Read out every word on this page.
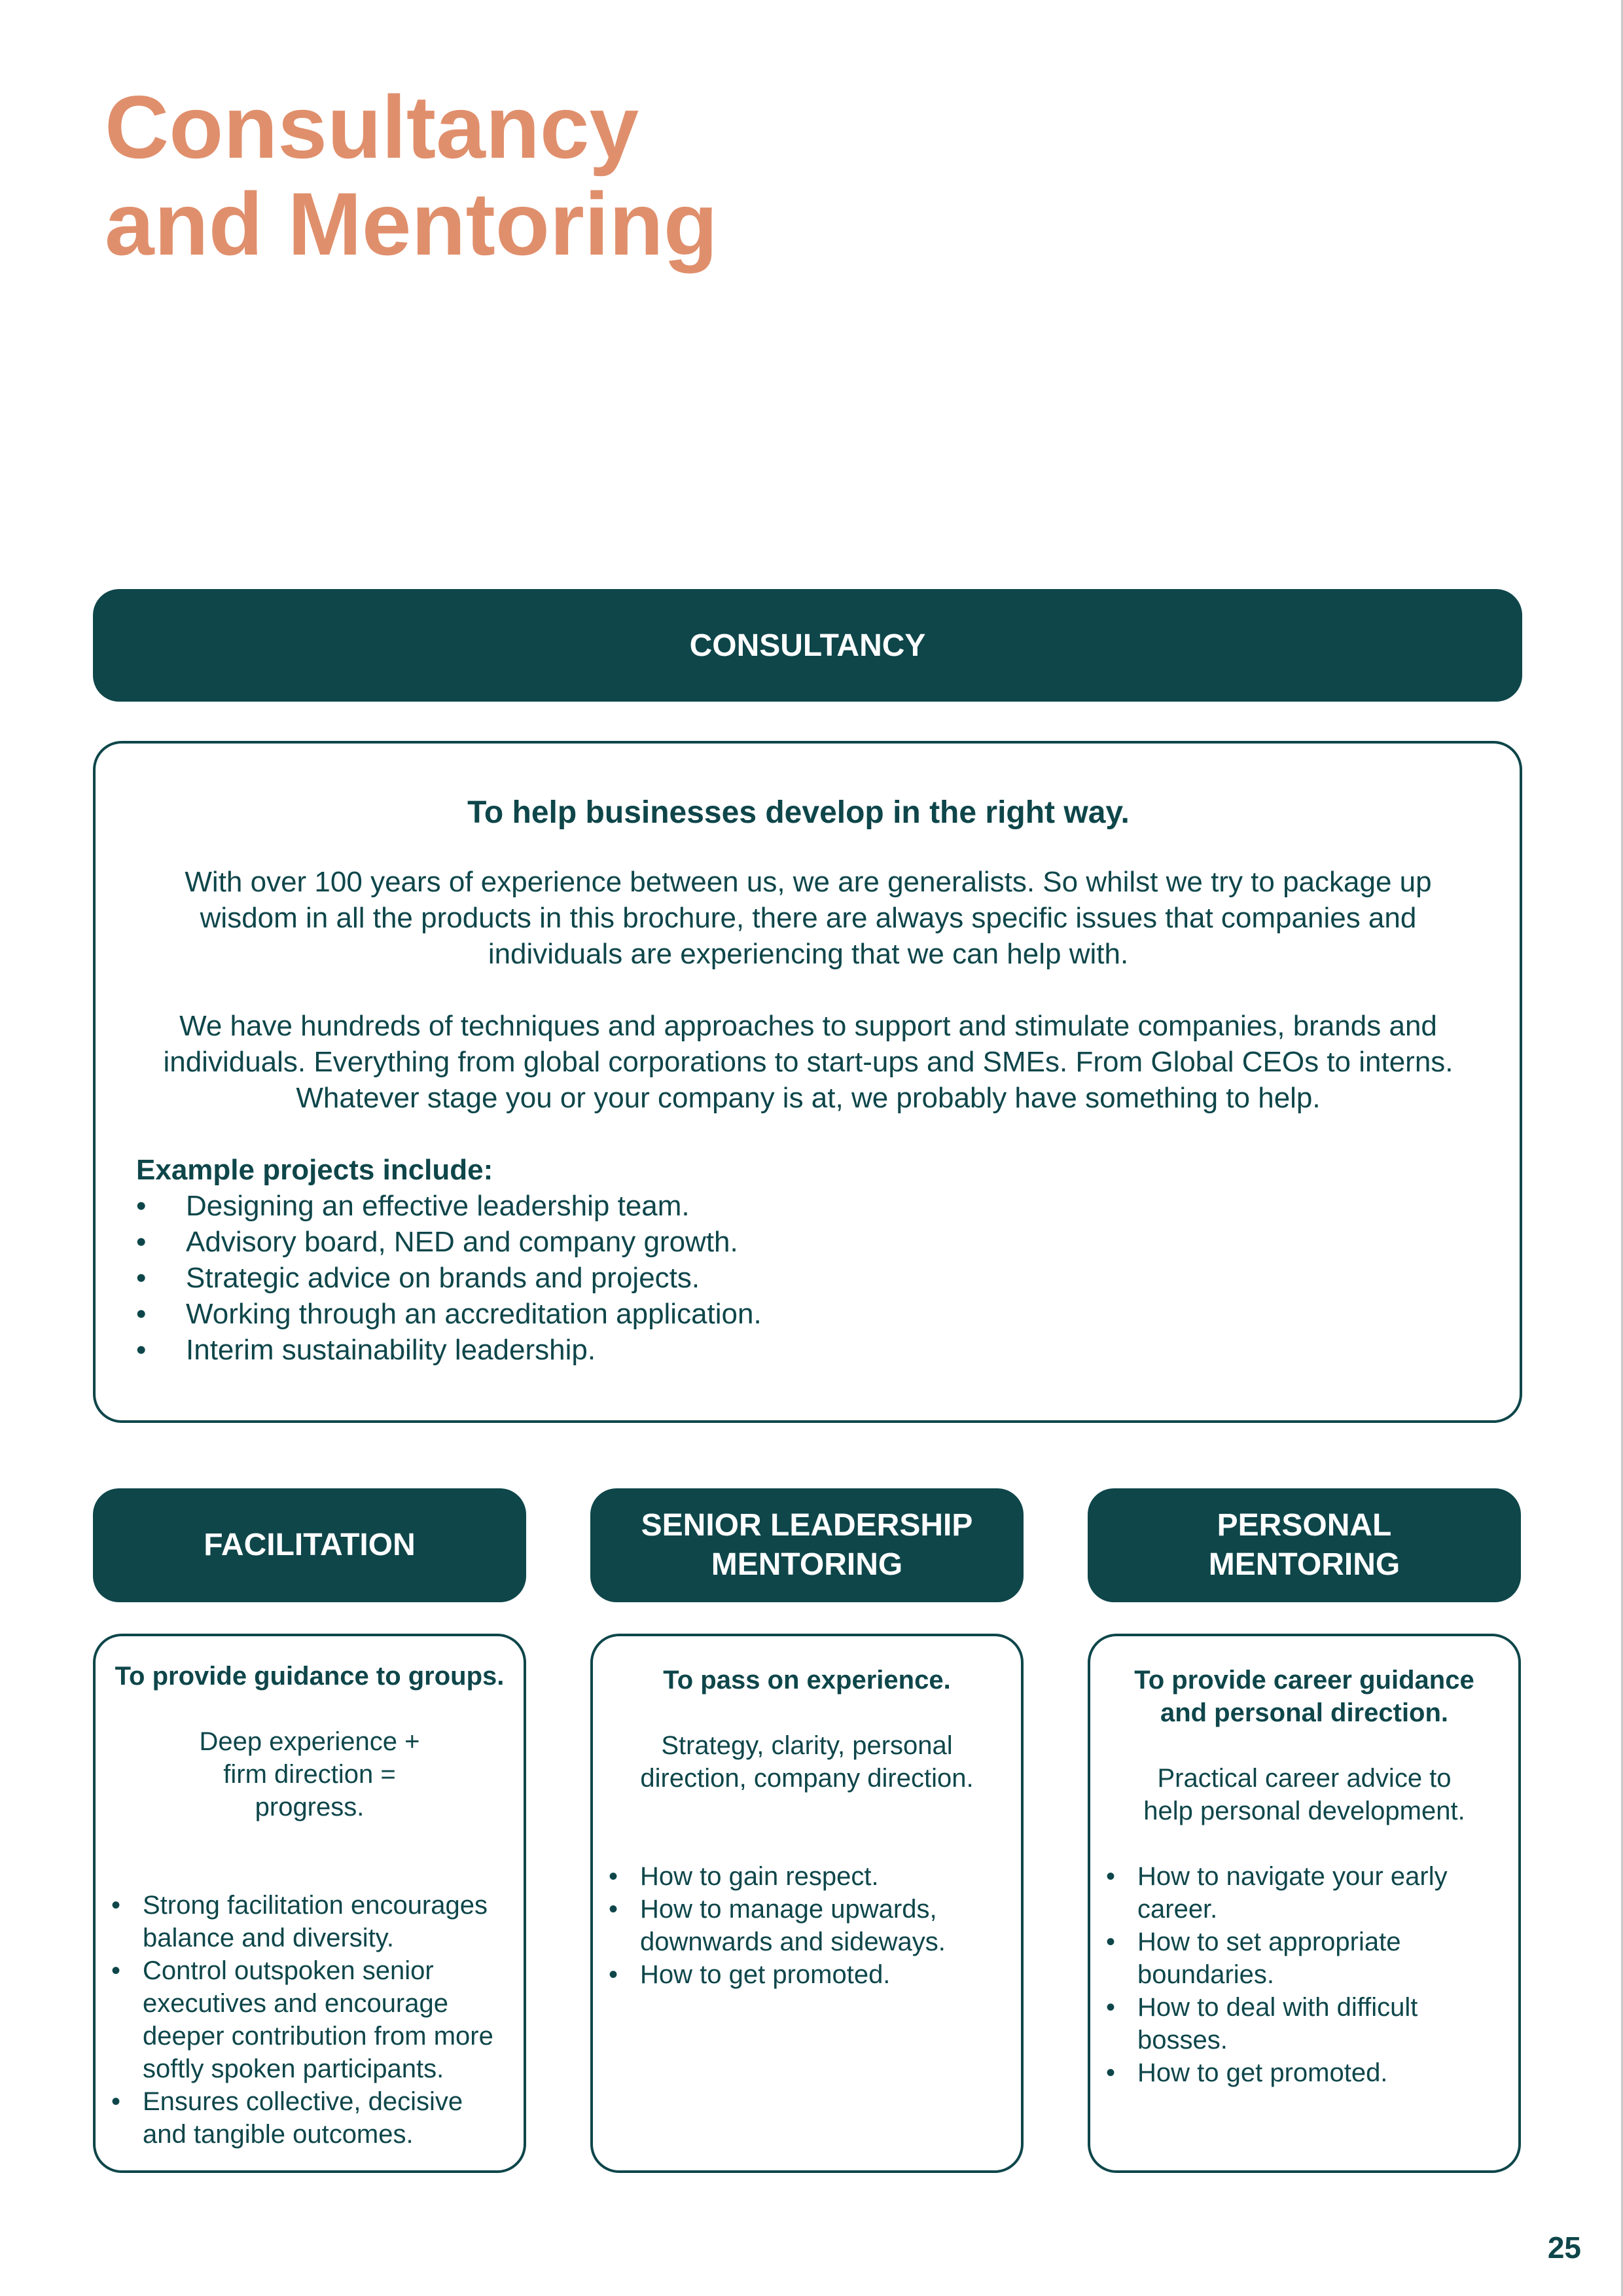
Consultancy
and Mentoring
CONSULTANCY

To help businesses develop in the right way.

With over 100 years of experience between us, we are generalists. So whilst we try to package up wisdom in all the products in this brochure, there are always specific issues that companies and individuals are experiencing that we can help with.

We have hundreds of techniques and approaches to support and stimulate companies, brands and individuals. Everything from global corporations to start-ups and SMEs. From Global CEOs to interns. Whatever stage you or your company is at, we probably have something to help.

Example projects include:

• Designing an effective leadership team.
• Advisory board, NED and company growth.
• Strategic advice on brands and projects.
• Working through an accreditation application.
• Interim sustainability leadership.
FACILITATION

To provide guidance to groups.

Deep experience + firm direction = progress.

• Strong facilitation encourages balance and diversity.
• Control outspoken senior executives and encourage deeper contribution from more softly spoken participants.
• Ensures collective, decisive and tangible outcomes.
SENIOR LEADERSHIP MENTORING

To pass on experience.

Strategy, clarity, personal direction, company direction.

• How to gain respect.
• How to manage upwards, downwards and sideways.
• How to get promoted.
PERSONAL MENTORING

To provide career guidance and personal direction.

Practical career advice to help personal development.

• How to navigate your early career.
• How to set appropriate boundaries.
• How to deal with difficult bosses.
• How to get promoted.
25
